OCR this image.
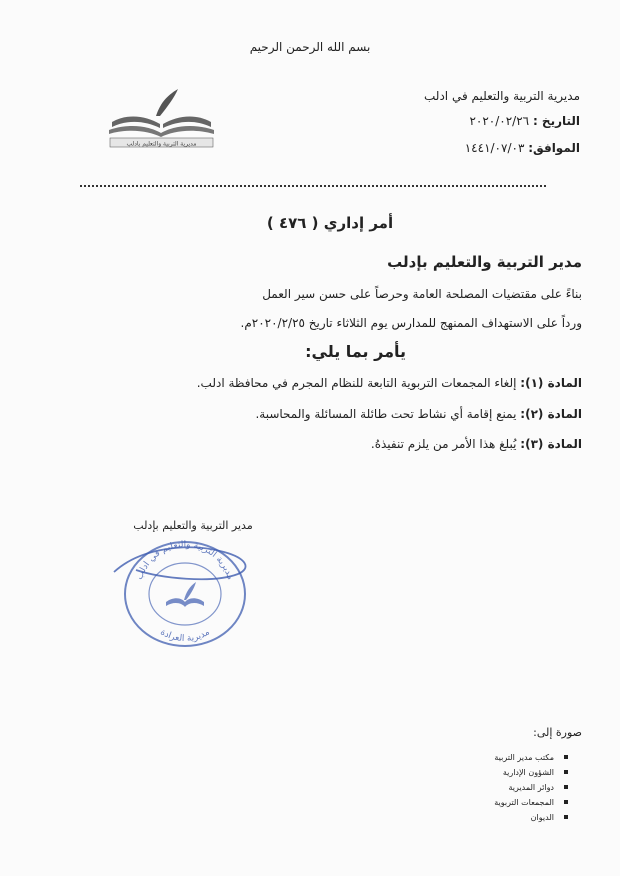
بسم الله الرحمن الرحيم
مديرية التربية والتعليم بادلب
مديرية التربية والتعليم في ادلب
التاريخ : ٢٠٢٠/٠٢/٢٦
الموافق: ١٤٤١/٠٧/٠٣
أمر إداري ( ٤٧٦ )
مدير التربية والتعليم بإدلب
بناءً على مقتضيات المصلحة العامة وحرصاً على حسن سير العمل
ورداً على الاستهداف الممنهج للمدارس يوم الثلاثاء تاريخ ٢٠٢٠/٢/٢٥م.
يأمر بما يلي:
المادة (١): إلغاء المجمعات التربوية التابعة للنظام المجرم في محافظة ادلب.
المادة (٢): يمنع إقامة أي نشاط تحت طائلة المسائلة والمحاسبة.
المادة (٣): يُبلغ هذا الأمر من يلزم تنفيذهُ.
مديرية التربية والتعليم في ادلب
مديرية العرادة
مدير التربية والتعليم بإدلب
صورة إلى:
مكتب مدير التربية
الشؤون الإدارية
دوائر المديرية
المجمعات التربوية
الديوان
